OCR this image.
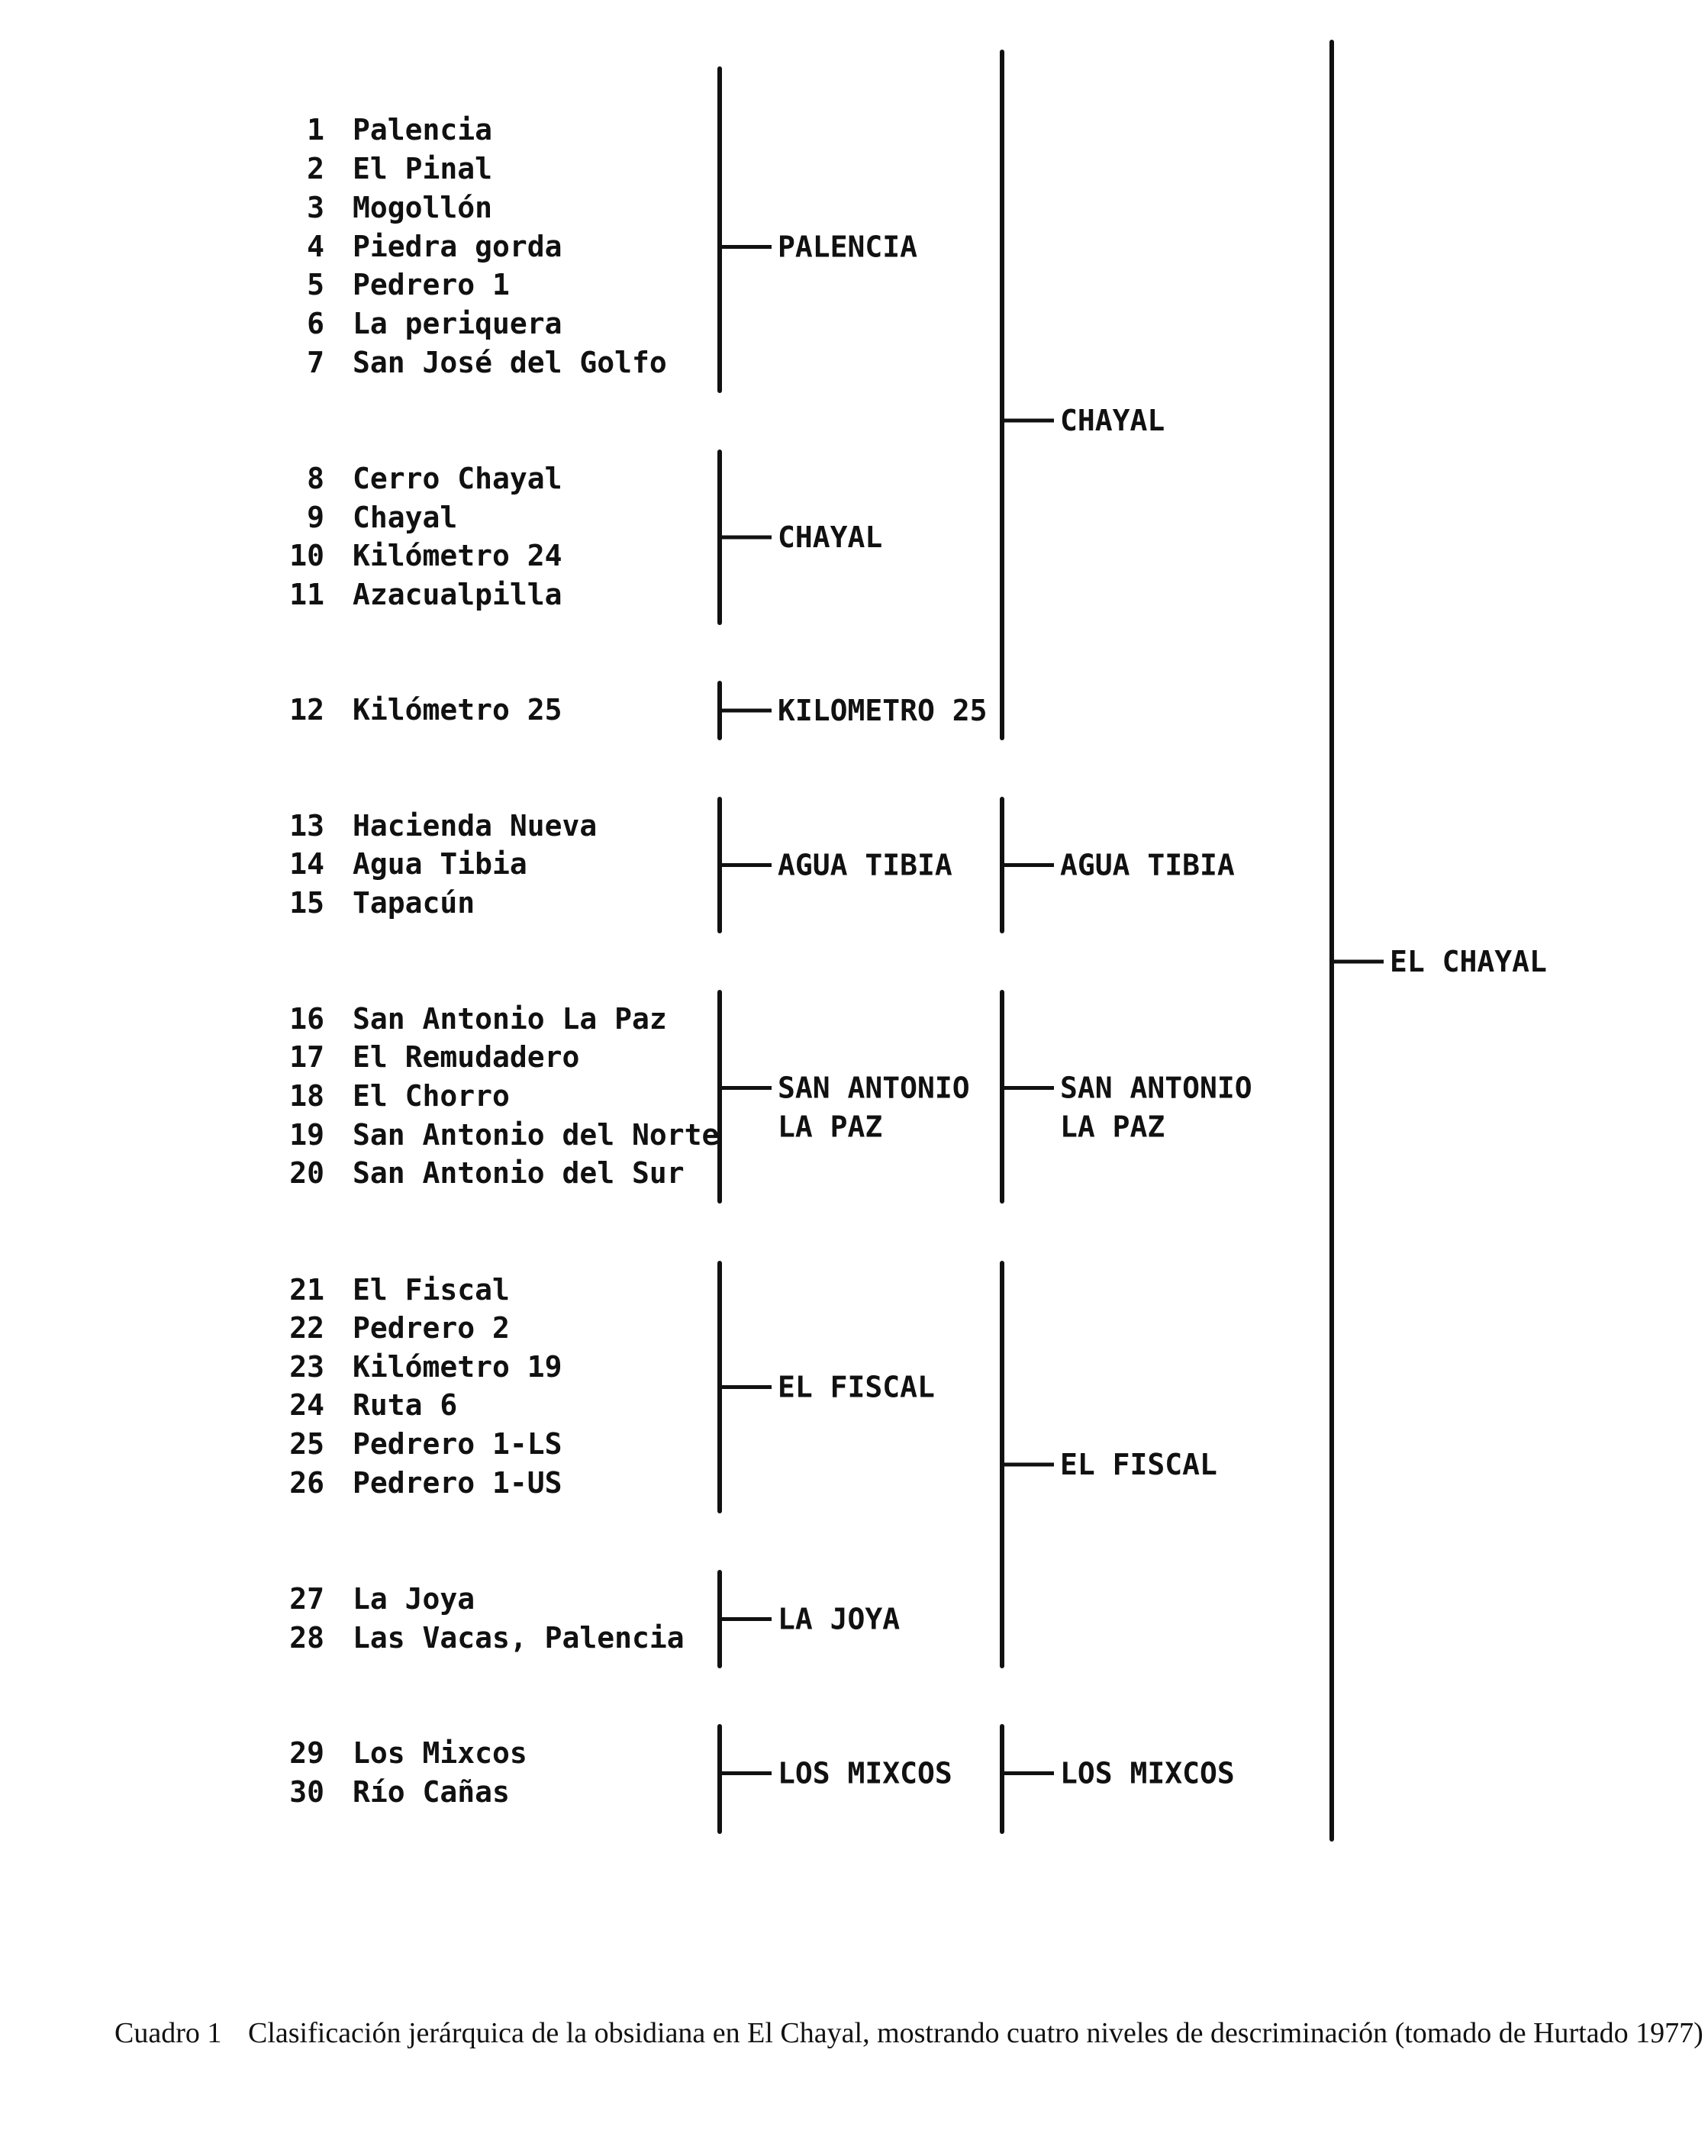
1 Palencia
2 El Pinal
3 Mogollón
4 Piedra gorda
5 Pedrero 1
6 La periquera
7 San José del Golfo
8 Cerro Chayal
9 Chayal
10 Kilómetro 24
11 Azacualpilla
12 Kilómetro 25
13 Hacienda Nueva
14 Agua Tibia
15 Tapacún
16 San Antonio La Paz
17 El Remudadero
18 El Chorro
19 San Antonio del Norte
20 San Antonio del Sur
21 El Fiscal
22 Pedrero 2
23 Kilómetro 19
24 Ruta 6
25 Pedrero 1-LS
26 Pedrero 1-US
27 La Joya
28 Las Vacas, Palencia
29 Los Mixcos
30 Río Cañas
PALENCIA
CHAYAL
KILOMETRO 25
AGUA TIBIA
SAN ANTONIO
LA PAZ
EL FISCAL
LA JOYA
LOS MIXCOS
CHAYAL
AGUA TIBIA
SAN ANTONIO
LA PAZ
EL FISCAL
LOS MIXCOS
EL CHAYAL
Cuadro 1 Clasificación jerárquica de la obsidiana en El Chayal, mostrando cuatro niveles de descriminación (tomado de Hurtado 1977)
